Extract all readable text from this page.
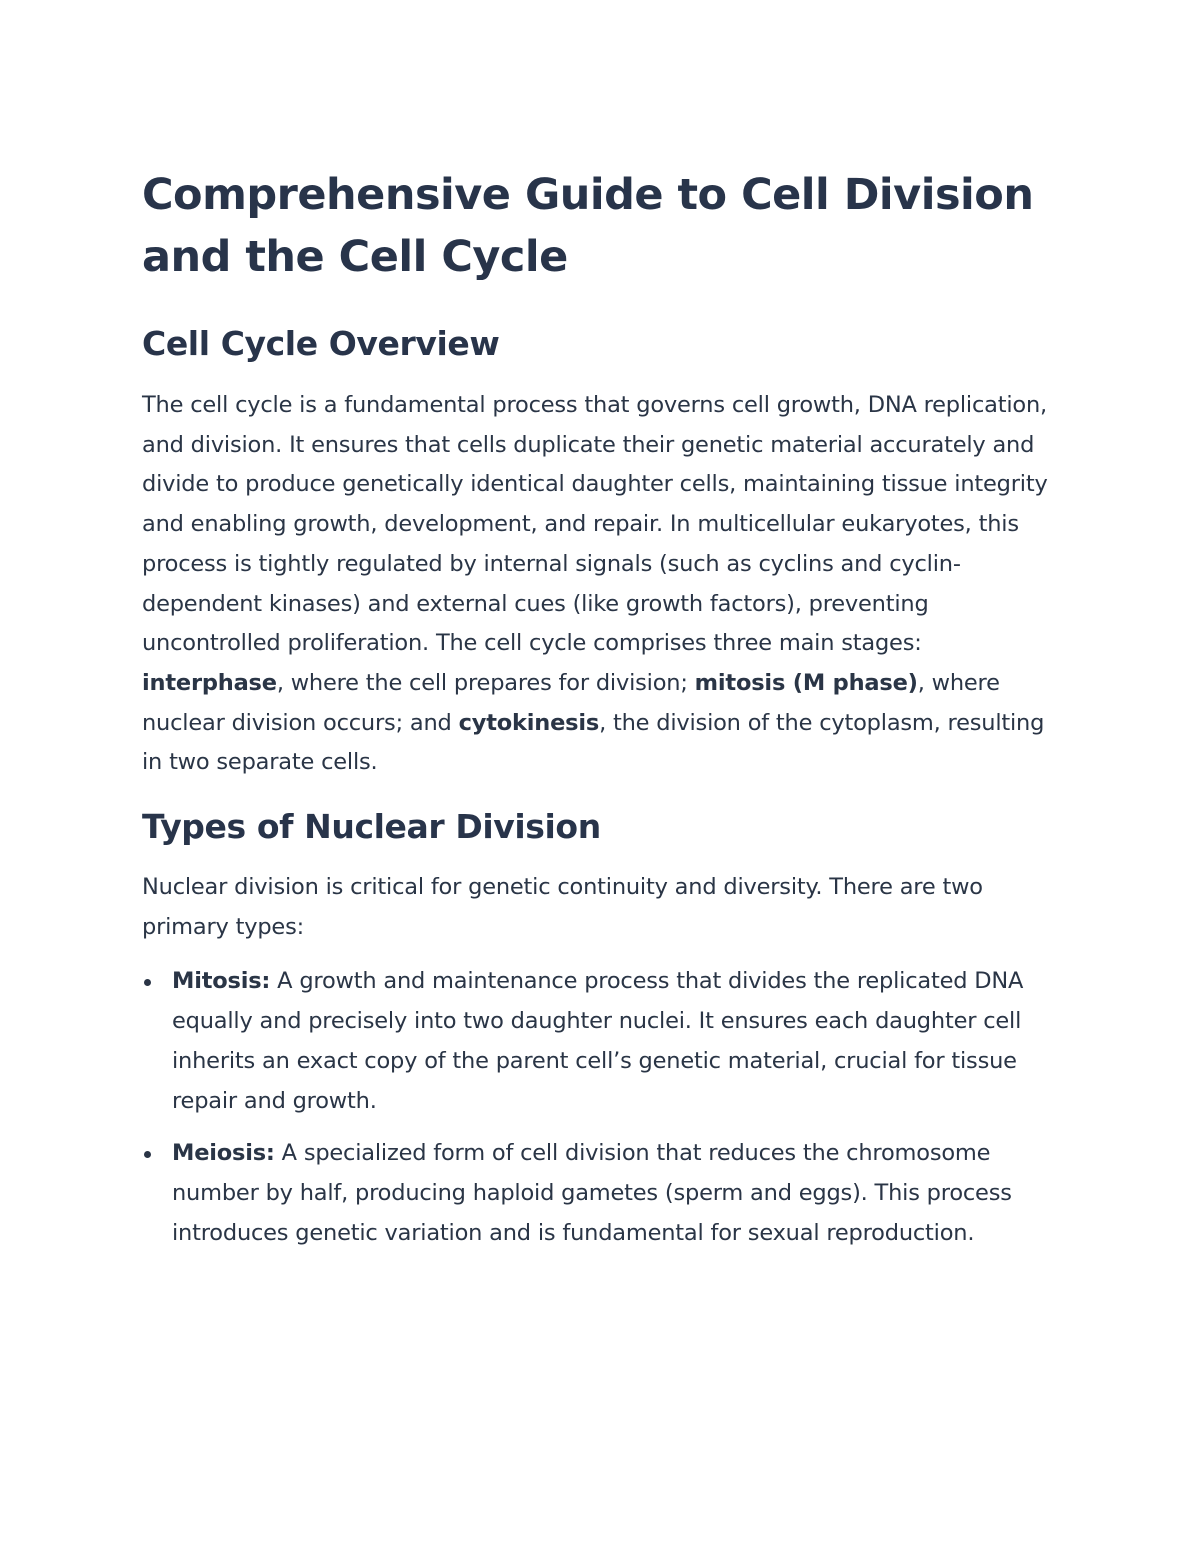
Comprehensive Guide to Cell Division and the Cell Cycle
Cell Cycle Overview

The cell cycle is a fundamental process that governs cell growth, DNA replication, and division. It ensures that cells duplicate their genetic material accurately and divide to produce genetically identical daughter cells, maintaining tissue integrity and enabling growth, development, and repair. In multicellular eukaryotes, this process is tightly regulated by internal signals (such as cyclins and cyclin-dependent kinases) and external cues (like growth factors), preventing uncontrolled proliferation. The cell cycle comprises three main stages: interphase, where the cell prepares for division; mitosis (M phase), where nuclear division occurs; and cytokinesis, the division of the cytoplasm, resulting in two separate cells.

Types of Nuclear Division

Nuclear division is critical for genetic continuity and diversity. There are two primary types:

Mitosis: A growth and maintenance process that divides the replicated DNA equally and precisely into two daughter nuclei. It ensures each daughter cell inherits an exact copy of the parent cell’s genetic material, crucial for tissue repair and growth.
Meiosis: A specialized form of cell division that reduces the chromosome number by half, producing haploid gametes (sperm and eggs). This process introduces genetic variation and is fundamental for sexual reproduction.
